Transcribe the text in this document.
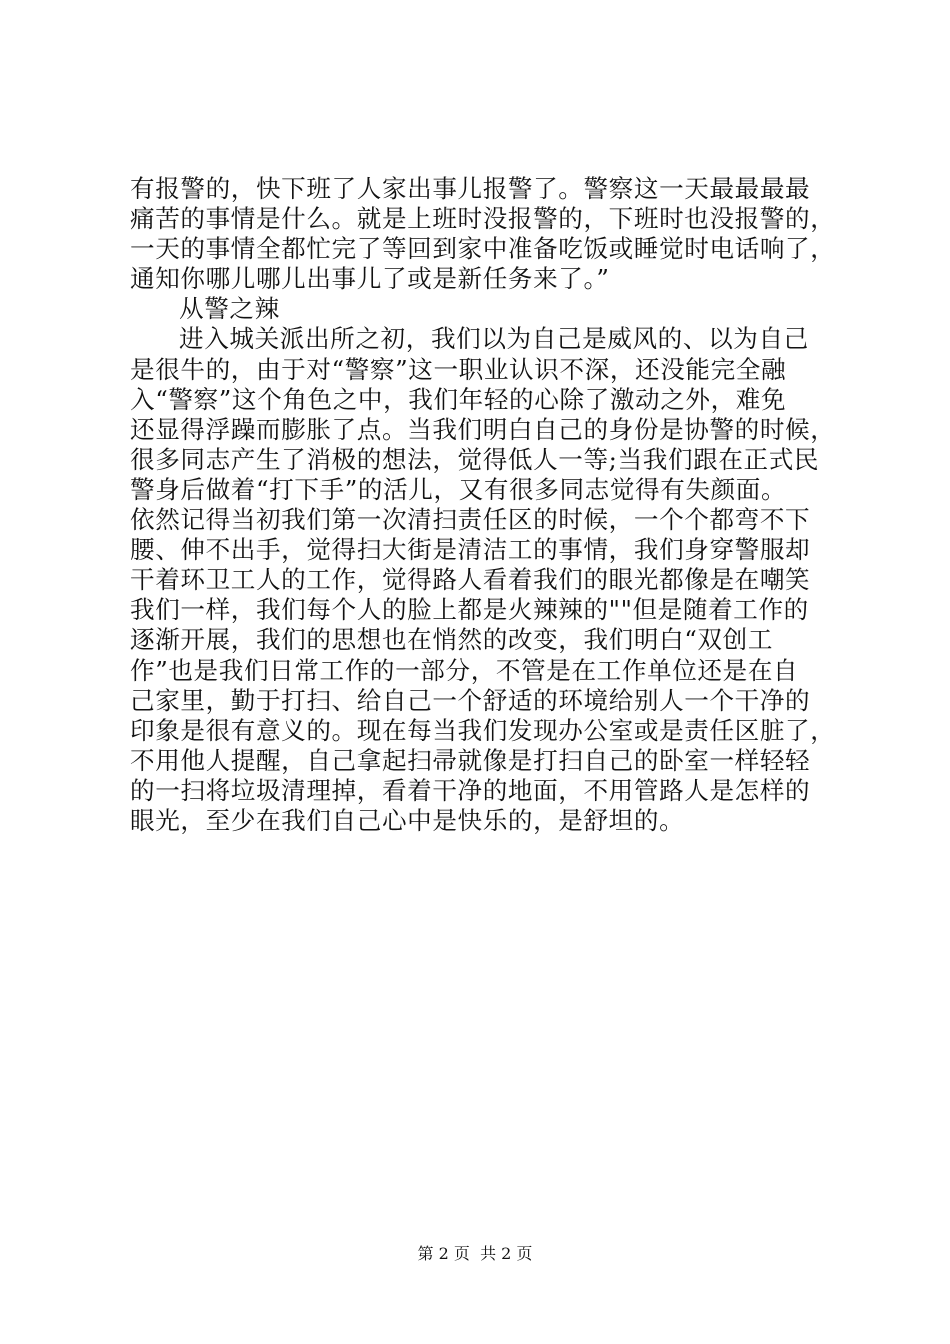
有报警的，快下班了人家出事儿报警了。警察这一天最最最最
痛苦的事情是什么。就是上班时没报警的，下班时也没报警的，
一天的事情全都忙完了等回到家中准备吃饭或睡觉时电话响了，
通知你哪儿哪儿出事儿了或是新任务来了。”
从警之辣
进入城关派出所之初，我们以为自己是威风的、以为自己
是很牛的，由于对“警察”这一职业认识不深，还没能完全融
入“警察”这个角色之中，我们年轻的心除了激动之外，难免
还显得浮躁而膨胀了点。当我们明白自己的身份是协警的时候，
很多同志产生了消极的想法，觉得低人一等;当我们跟在正式民
警身后做着“打下手”的活儿，又有很多同志觉得有失颜面。
依然记得当初我们第一次清扫责任区的时候，一个个都弯不下
腰、伸不出手，觉得扫大街是清洁工的事情，我们身穿警服却
干着环卫工人的工作，觉得路人看着我们的眼光都像是在嘲笑
我们一样，我们每个人的脸上都是火辣辣的""但是随着工作的
逐渐开展，我们的思想也在悄然的改变，我们明白“双创工
作”也是我们日常工作的一部分，不管是在工作单位还是在自
己家里，勤于打扫、给自己一个舒适的环境给别人一个干净的
印象是很有意义的。现在每当我们发现办公室或是责任区脏了，
不用他人提醒，自己拿起扫帚就像是打扫自己的卧室一样轻轻
的一扫将垃圾清理掉，看着干净的地面，不用管路人是怎样的
眼光，至少在我们自己心中是快乐的，是舒坦的。
第 2 页  共 2 页
